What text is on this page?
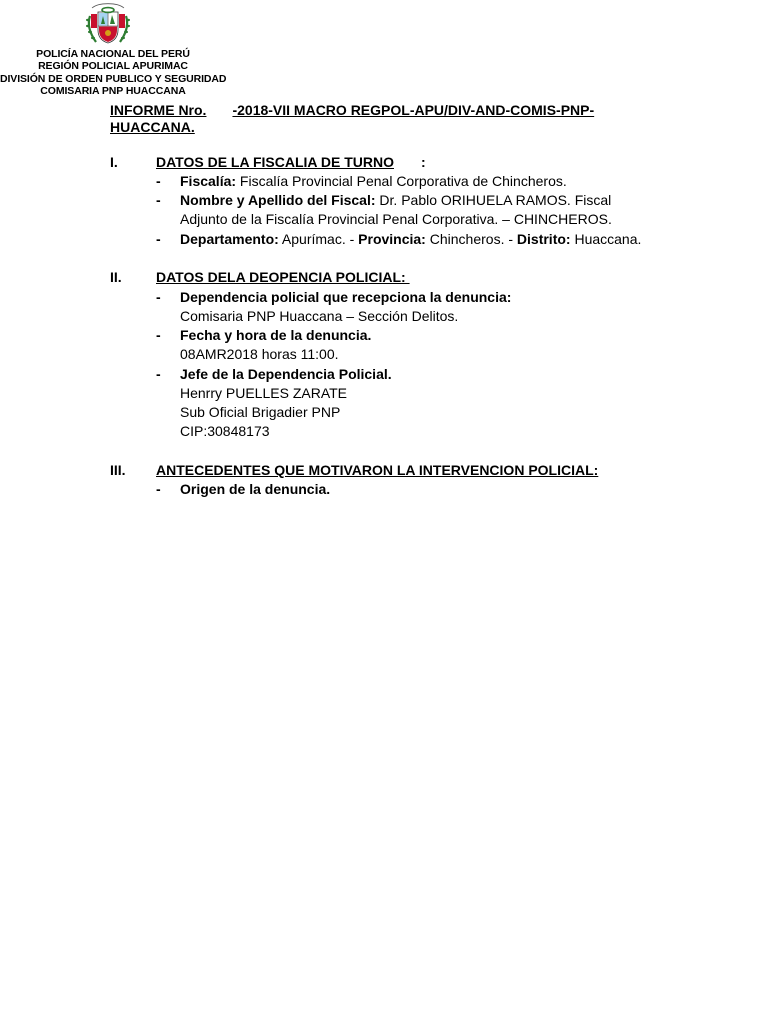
POLICÍA NACIONAL DEL PERÚ
REGIÓN POLICIAL APURIMAC
DIVISIÓN DE ORDEN PUBLICO Y SEGURIDAD
COMISARIA PNP HUACCANA
INFORME Nro. -2018-VII MACRO REGPOL-APU/DIV-AND-COMIS-PNP-
HUACCANA.
I.	DATOS DE LA FISCALIA DE TURNO :
- Fiscalía: Fiscalía Provincial Penal Corporativa de Chincheros.
- Nombre y Apellido del Fiscal: Dr. Pablo ORIHUELA RAMOS. Fiscal
Adjunto de la Fiscalía Provincial Penal Corporativa. – CHINCHEROS.
- Departamento: Apurímac. - Provincia: Chincheros. - Distrito: Huaccana.
II. DATOS DELA DEOPENCIA POLICIAL:
- Dependencia policial que recepciona la denuncia:
Comisaria PNP Huaccana – Sección Delitos.
- Fecha y hora de la denuncia.
08AMR2018 horas 11:00.
- Jefe de la Dependencia Policial.
Henrry PUELLES ZARATE
Sub Oficial Brigadier PNP
CIP:30848173
III. ANTECEDENTES QUE MOTIVARON LA INTERVENCION POLICIAL:
- Origen de la denuncia.
